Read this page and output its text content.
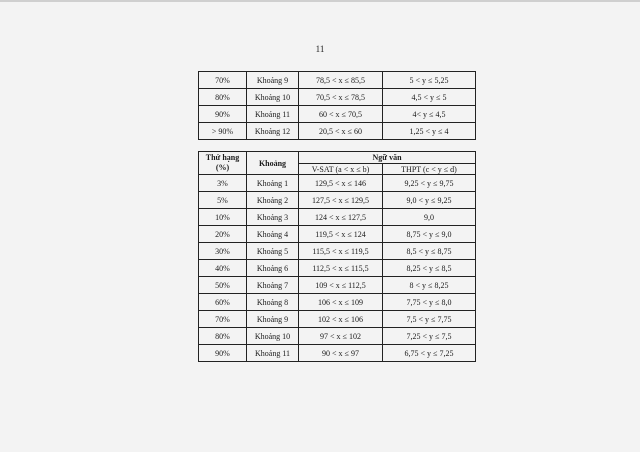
11
70%	Khoảng 9	78,5 < x ≤ 85,5	5 < y ≤ 5,25
80%	Khoảng 10	70,5 < x ≤ 78,5	4,5 < y ≤ 5
90%	Khoảng 11	60 < x ≤ 70,5	4< y ≤ 4,5
> 90%	Khoảng 12	20,5 < x ≤ 60	1,25 < y ≤ 4
Thứ hạng (%)	Khoảng	Ngữ văn	
		V-SAT (a < x ≤ b)	THPT (c < y ≤ d)
3%	Khoảng 1	129,5 < x ≤ 146	9,25 < y ≤ 9,75
5%	Khoảng 2	127,5 < x ≤ 129,5	9,0 < y ≤ 9,25
10%	Khoảng 3	124 < x ≤ 127,5	9,0
20%	Khoảng 4	119,5 < x ≤ 124	8,75 < y ≤ 9,0
30%	Khoảng 5	115,5 < x ≤ 119,5	8,5 < y ≤ 8,75
40%	Khoảng 6	112,5 < x ≤ 115,5	8,25 < y ≤ 8,5
50%	Khoảng 7	109 < x ≤ 112,5	8 < y ≤ 8,25
60%	Khoảng 8	106 < x ≤ 109	7,75 < y ≤ 8,0
70%	Khoảng 9	102 < x ≤ 106	7,5 < y ≤ 7,75
80%	Khoảng 10	97 < x ≤ 102	7,25 < y ≤ 7,5
90%	Khoảng 11	90 < x ≤ 97	6,75 < y ≤ 7,25
